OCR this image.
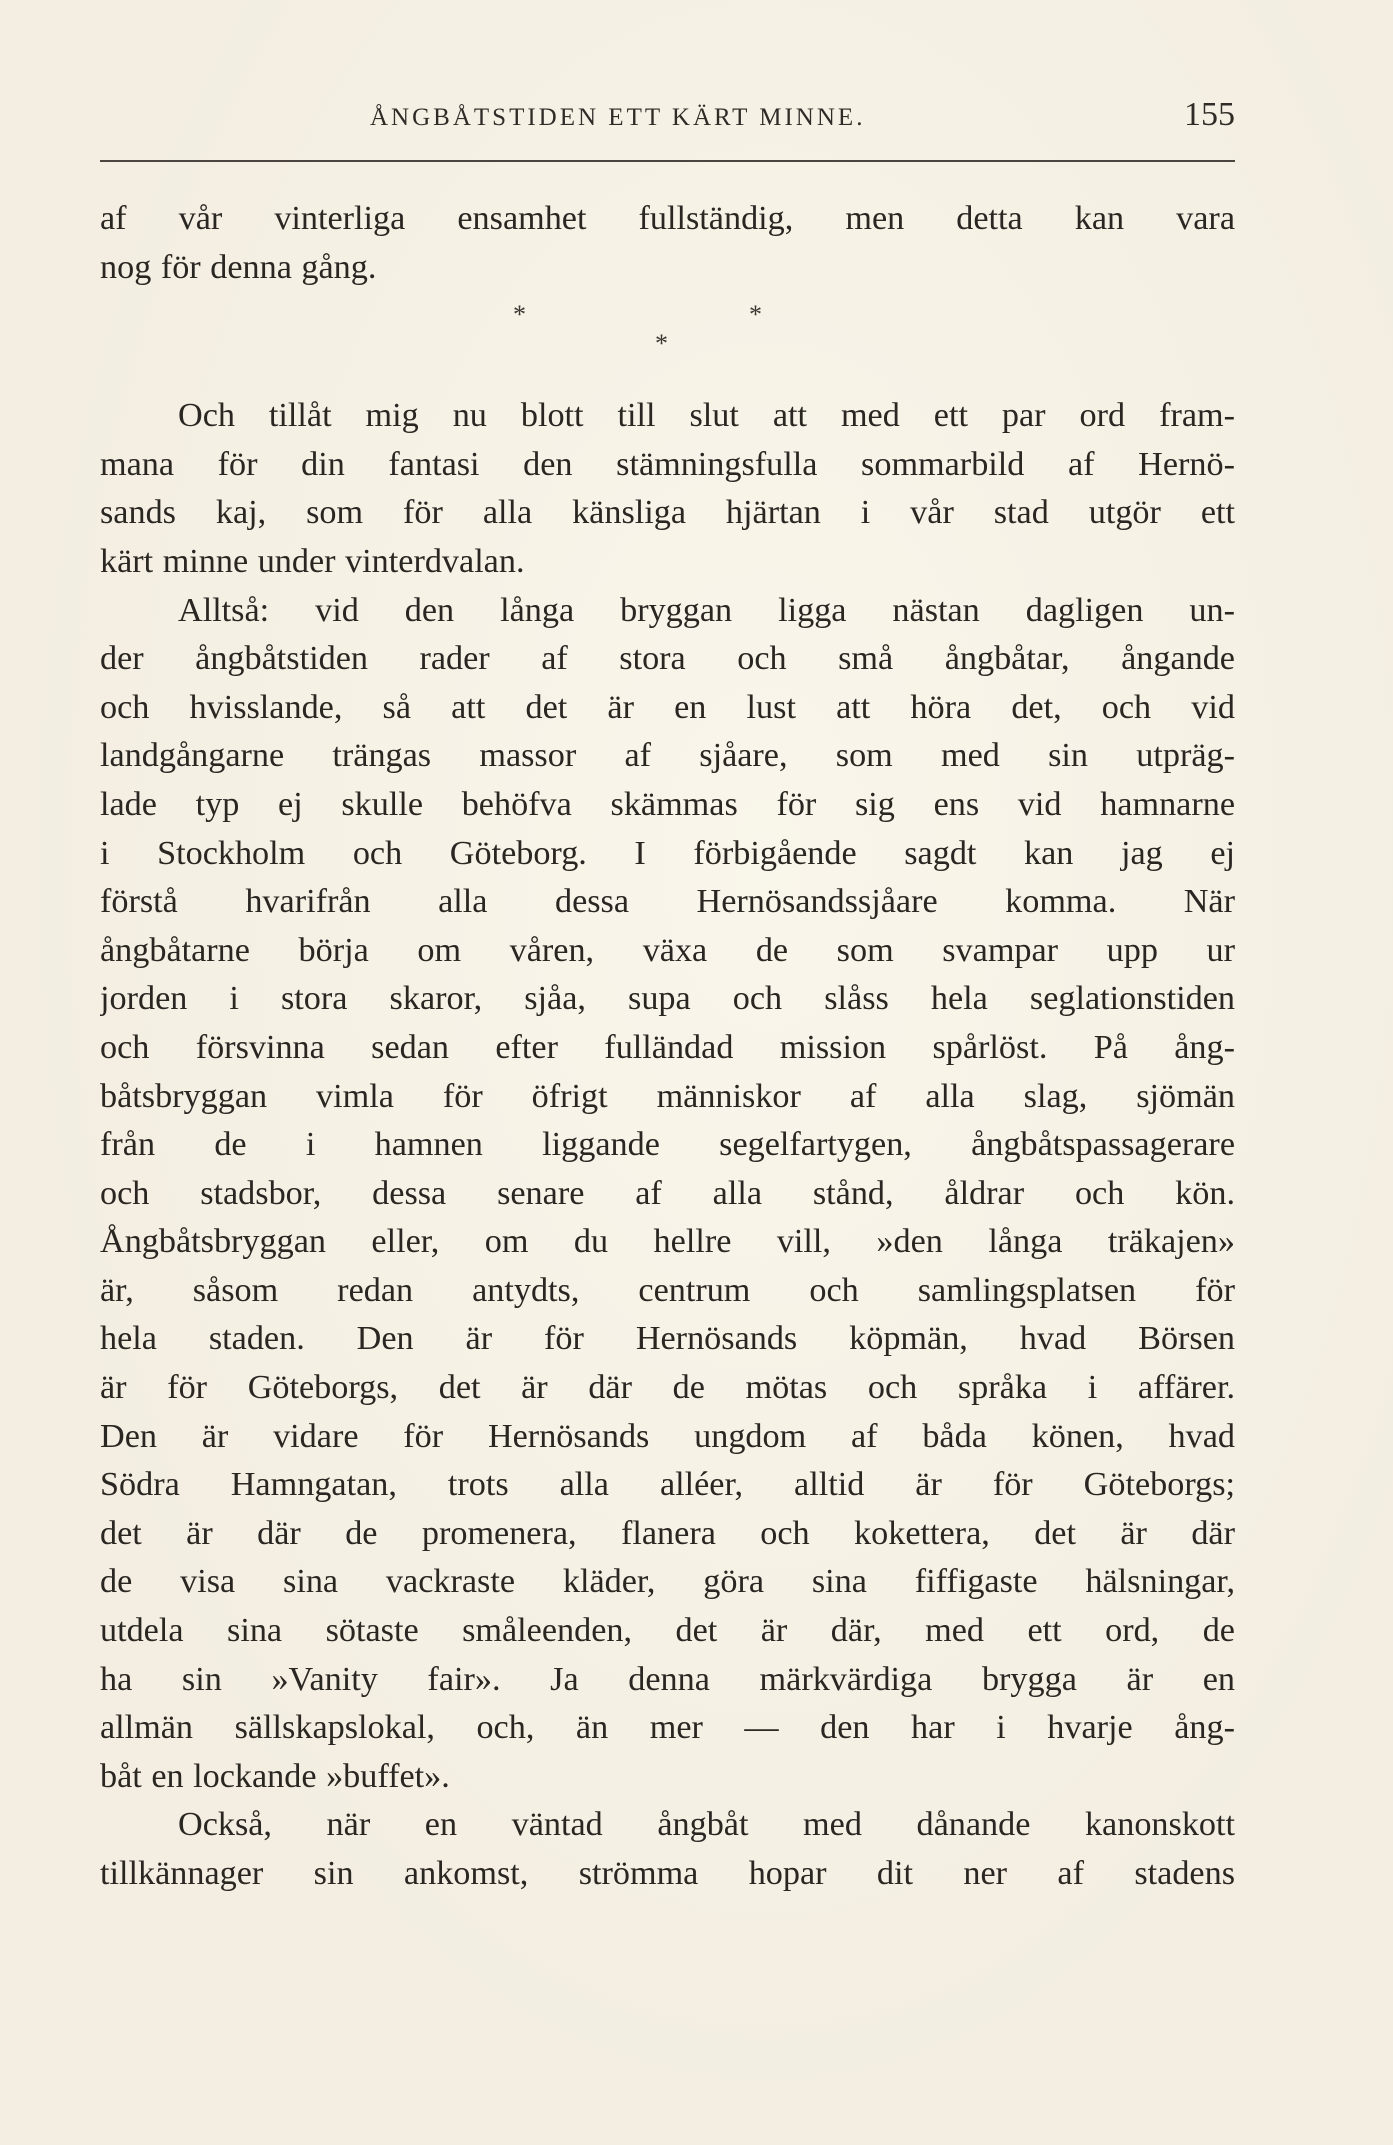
ÅNGBÅTSTIDEN ETT KÄRT MINNE.	155
*	*
*
af vår vinterliga ensamhet fullständig, men detta kan vara
nog för denna gång.
Och tillåt mig nu blott till slut att med ett par ord fram-
mana för din fantasi den stämningsfulla sommarbild af Hernö-
sands kaj, som för alla känsliga hjärtan i vår stad utgör ett
kärt minne under vinterdvalan.
Alltså: vid den långa bryggan ligga nästan dagligen un-
der ångbåtstiden rader af stora och små ångbåtar, ångande
och hvisslande, så att det är en lust att höra det, och vid
landgångarne trängas massor af sjåare, som med sin utpräg-
lade typ ej skulle behöfva skämmas för sig ens vid hamnarne
i Stockholm och Göteborg. I förbigående sagdt kan jag ej
förstå hvarifrån alla dessa Hernösandssjåare komma. När
ångbåtarne börja om våren, växa de som svampar upp ur
jorden i stora skaror, sjåa, supa och slåss hela seglationstiden
och försvinna sedan efter fulländad mission spårlöst. På ång-
båtsbryggan vimla för öfrigt människor af alla slag, sjömän
från de i hamnen liggande segelfartygen, ångbåtspassagerare
och stadsbor, dessa senare af alla stånd, åldrar och kön.
Ångbåtsbryggan eller, om du hellre vill, »den långa träkajen»
är, såsom redan antydts, centrum och samlingsplatsen för
hela staden. Den är för Hernösands köpmän, hvad Börsen
är för Göteborgs, det är där de mötas och språka i affärer.
Den är vidare för Hernösands ungdom af båda könen, hvad
Södra Hamngatan, trots alla alléer, alltid är för Göteborgs;
det är där de promenera, flanera och kokettera, det är där
de visa sina vackraste kläder, göra sina fiffigaste hälsningar,
utdela sina sötaste småleenden, det är där, med ett ord, de
ha sin »Vanity fair». Ja denna märkvärdiga brygga är en
allmän sällskapslokal, och, än mer — den har i hvarje ång-
båt en lockande »buffet».
Också, när en väntad ångbåt med dånande kanonskott
tillkännager sin ankomst, strömma hopar dit ner af stadens
